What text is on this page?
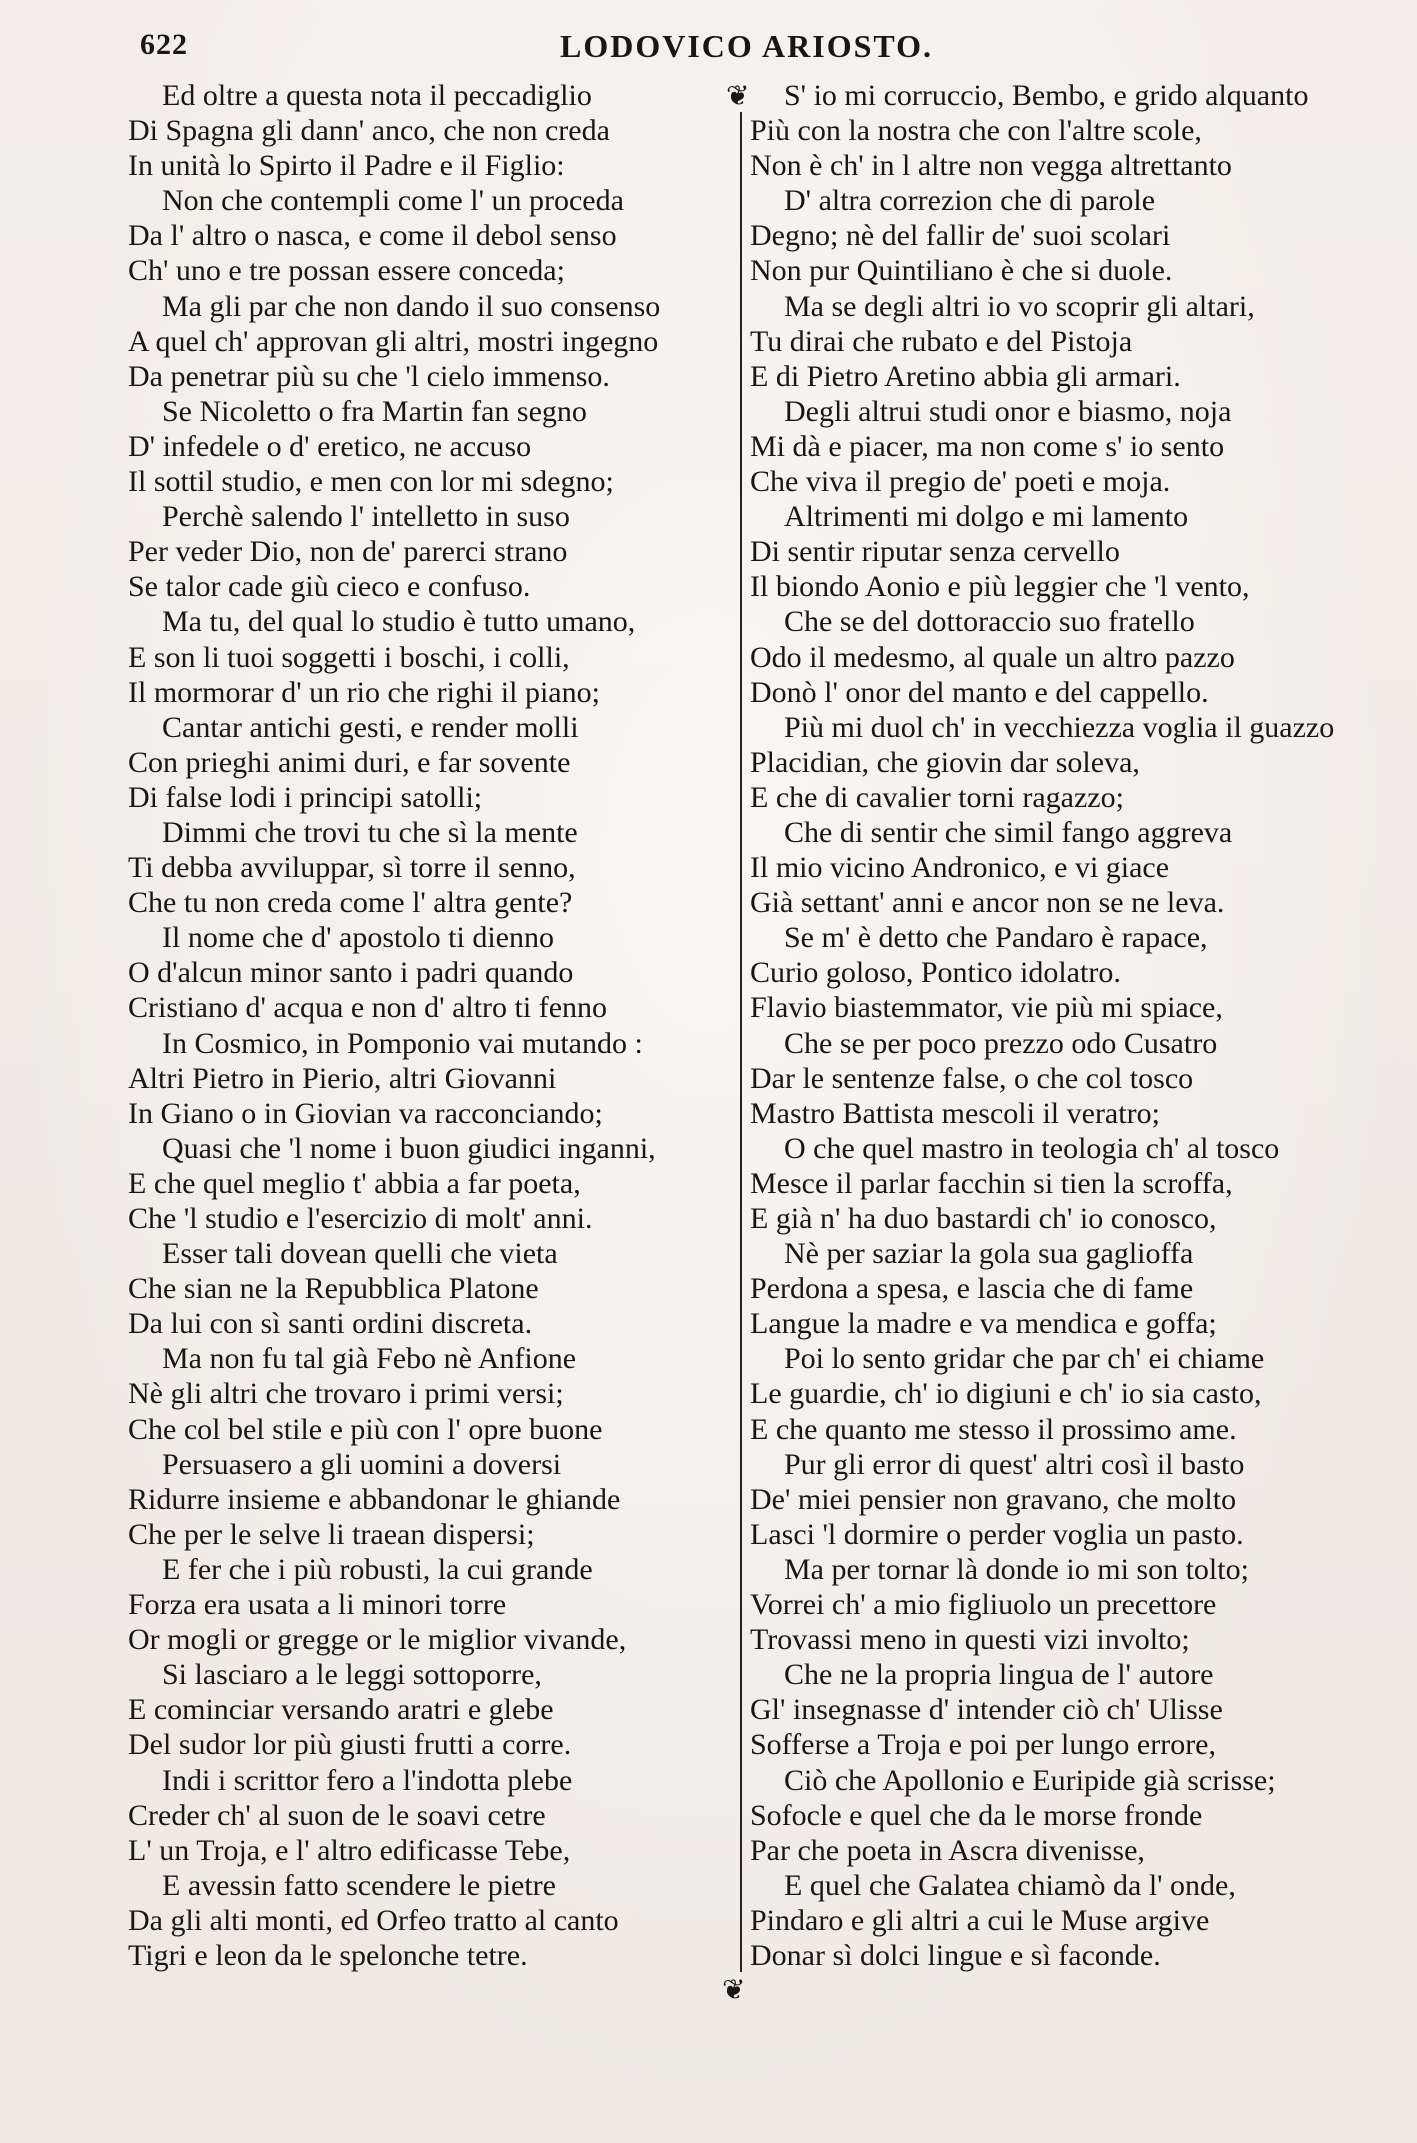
622	LODOVICO ARIOSTO.
❦
❦
Ed oltre a questa nota il peccadiglio
Di Spagna gli dann' anco, che non creda
In unità lo Spirto il Padre e il Figlio:
Non che contempli come l' un proceda
Da l' altro o nasca, e come il debol senso
Ch' uno e tre possan essere conceda;
Ma gli par che non dando il suo consenso
A quel ch' approvan gli altri, mostri ingegno
Da penetrar più su che 'l cielo immenso.
Se Nicoletto o fra Martin fan segno
D' infedele o d' eretico, ne accuso
Il sottil studio, e men con lor mi sdegno;
Perchè salendo l' intelletto in suso
Per veder Dio, non de' parerci strano
Se talor cade giù cieco e confuso.
Ma tu, del qual lo studio è tutto umano,
E son li tuoi soggetti i boschi, i colli,
Il mormorar d' un rio che righi il piano;
Cantar antichi gesti, e render molli
Con prieghi animi duri, e far sovente
Di false lodi i principi satolli;
Dimmi che trovi tu che sì la mente
Ti debba avviluppar, sì torre il senno,
Che tu non creda come l' altra gente?
Il nome che d' apostolo ti dienno
O d'alcun minor santo i padri quando
Cristiano d' acqua e non d' altro ti fenno
In Cosmico, in Pomponio vai mutando :
Altri Pietro in Pierio, altri Giovanni
In Giano o in Giovian va racconciando;
Quasi che 'l nome i buon giudici inganni,
E che quel meglio t' abbia a far poeta,
Che 'l studio e l'esercizio di molt' anni.
Esser tali dovean quelli che vieta
Che sian ne la Repubblica Platone
Da lui con sì santi ordini discreta.
Ma non fu tal già Febo nè Anfione
Nè gli altri che trovaro i primi versi;
Che col bel stile e più con l' opre buone
Persuasero a gli uomini a doversi
Ridurre insieme e abbandonar le ghiande
Che per le selve li traean dispersi;
E fer che i più robusti, la cui grande
Forza era usata a li minori torre
Or mogli or gregge or le miglior vivande,
Si lasciaro a le leggi sottoporre,
E cominciar versando aratri e glebe
Del sudor lor più giusti frutti a corre.
Indi i scrittor fero a l'indotta plebe
Creder ch' al suon de le soavi cetre
L' un Troja, e l' altro edificasse Tebe,
E avessin fatto scendere le pietre
Da gli alti monti, ed Orfeo tratto al canto
Tigri e leon da le spelonche tetre.
S' io mi corruccio, Bembo, e grido alquanto
Più con la nostra che con l'altre scole,
Non è ch' in l altre non vegga altrettanto
D' altra correzion che di parole
Degno; nè del fallir de' suoi scolari
Non pur Quintiliano è che si duole.
Ma se degli altri io vo scoprir gli altari,
Tu dirai che rubato e del Pistoja
E di Pietro Aretino abbia gli armari.
Degli altrui studi onor e biasmo, noja
Mi dà e piacer, ma non come s' io sento
Che viva il pregio de' poeti e moja.
Altrimenti mi dolgo e mi lamento
Di sentir riputar senza cervello
Il biondo Aonio e più leggier che 'l vento,
Che se del dottoraccio suo fratello
Odo il medesmo, al quale un altro pazzo
Donò l' onor del manto e del cappello.
Più mi duol ch' in vecchiezza voglia il guazzo
Placidian, che giovin dar soleva,
E che di cavalier torni ragazzo;
Che di sentir che simil fango aggreva
Il mio vicino Andronico, e vi giace
Già settant' anni e ancor non se ne leva.
Se m' è detto che Pandaro è rapace,
Curio goloso, Pontico idolatro.
Flavio biastemmator, vie più mi spiace,
Che se per poco prezzo odo Cusatro
Dar le sentenze false, o che col tosco
Mastro Battista mescoli il veratro;
O che quel mastro in teologia ch' al tosco
Mesce il parlar facchin si tien la scroffa,
E già n' ha duo bastardi ch' io conosco,
Nè per saziar la gola sua gaglioffa
Perdona a spesa, e lascia che di fame
Langue la madre e va mendica e goffa;
Poi lo sento gridar che par ch' ei chiame
Le guardie, ch' io digiuni e ch' io sia casto,
E che quanto me stesso il prossimo ame.
Pur gli error di quest' altri così il basto
De' miei pensier non gravano, che molto
Lasci 'l dormire o perder voglia un pasto.
Ma per tornar là donde io mi son tolto;
Vorrei ch' a mio figliuolo un precettore
Trovassi meno in questi vizi involto;
Che ne la propria lingua de l' autore
Gl' insegnasse d' intender ciò ch' Ulisse
Sofferse a Troja e poi per lungo errore,
Ciò che Apollonio e Euripide già scrisse;
Sofocle e quel che da le morse fronde
Par che poeta in Ascra divenisse,
E quel che Galatea chiamò da l' onde,
Pindaro e gli altri a cui le Muse argive
Donar sì dolci lingue e sì faconde.
